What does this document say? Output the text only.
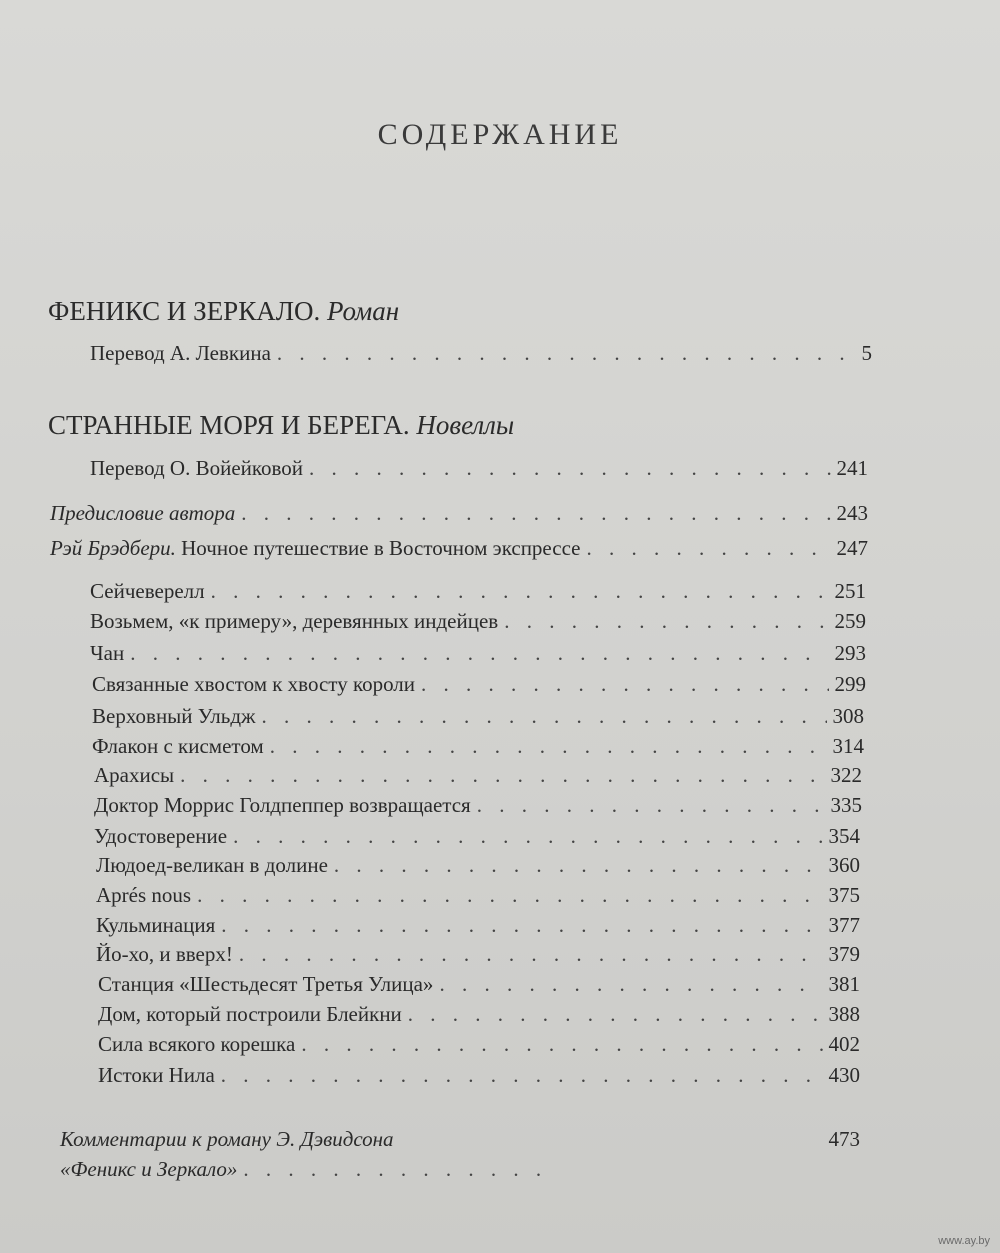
СОДЕРЖАНИЕ
ФЕНИКС И ЗЕРКАЛО. Роман
Перевод А. Левкина . . .	5
СТРАННЫЕ МОРЯ И БЕРЕГА. Новеллы
Перевод О. Войейковой . . .	241
Предисловие автора . . .	243
Рэй Брэдбери. Ночное путешествие в Восточном экспрессе . . .	247
Сейчеверелл . . .	251
Возьмем, «к примеру», деревянных индейцев . . .	259
Чан . . .	293
Связанные хвостом к хвосту короли . . .	299
Верховный Ульдж . . .	308
Флакон с кисметом . . .	314
Арахисы . . .	322
Доктор Моррис Голдпеппер возвращается . . .	335
Удостоверение . . .	354
Людоед-великан в долине . . .	360
Aprés nous . . .	375
Кульминация . . .	377
Йо-хо, и вверх! . . .	379
Станция «Шестьдесят Третья Улица» . . .	381
Дом, который построили Блейкни . . .	388
Сила всякого корешка . . .	402
Истоки Нила . . .	430
Комментарии к роману Э. Дэвидсона	473
«Феникс и Зеркало»
. . .
www.ay.by
